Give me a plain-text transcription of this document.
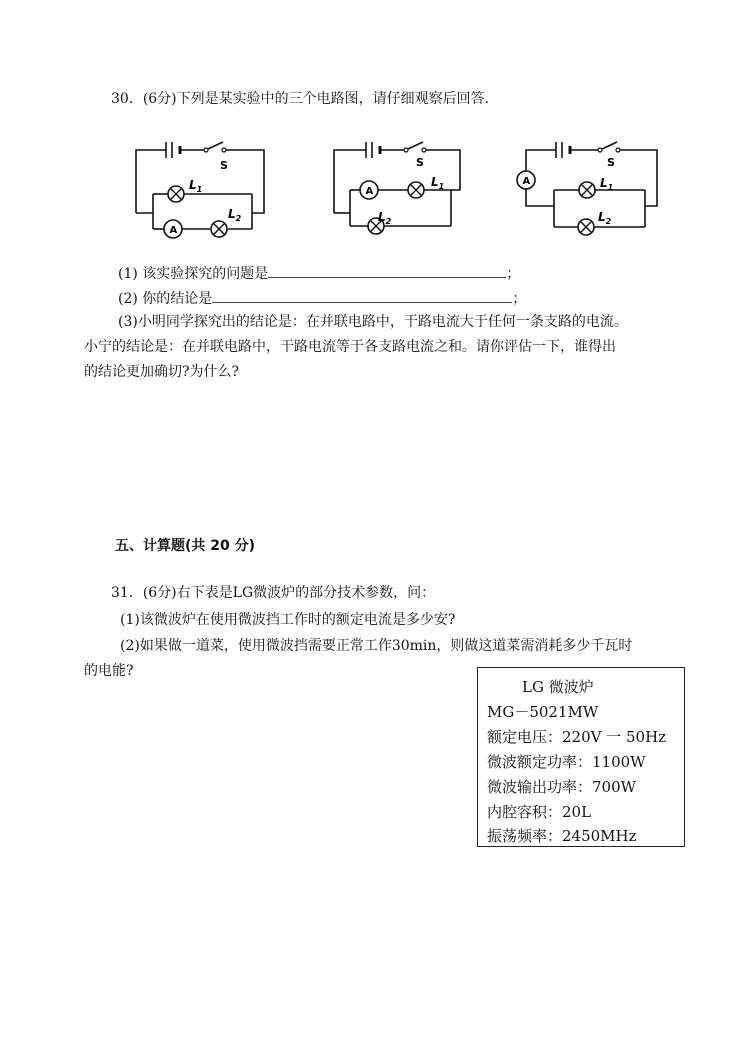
30．(6分)下列是某实验中的三个电路图，请仔细观察后回答．
S
$L_1$
A
$L_2$
S
A
$L_1$
$L_2$
A
S
$L_1$
$L_2$
(1) 该实验探究的问题是	；
(2) 你的结论是	；
(3)小明同学探究出的结论是：在并联电路中，干路电流大于任何一条支路的电流。
小宁的结论是：在并联电路中，干路电流等于各支路电流之和。请你评估一下，谁得出
的结论更加确切?为什么?
五、计算题(共 20 分)
31．(6分)右下表是LG微波炉的部分技术参数，问：
(1)该微波炉在使用微波挡工作时的额定电流是多少安?
(2)如果做一道菜，使用微波挡需要正常工作30min，则做这道菜需消耗多少千瓦时
的电能?
LG 微波炉
MG－5021MW
额定电压：220V 一 50Hz
微波额定功率：1100W
微波输出功率：700W
内腔容积：20L
振荡频率：2450MHz
